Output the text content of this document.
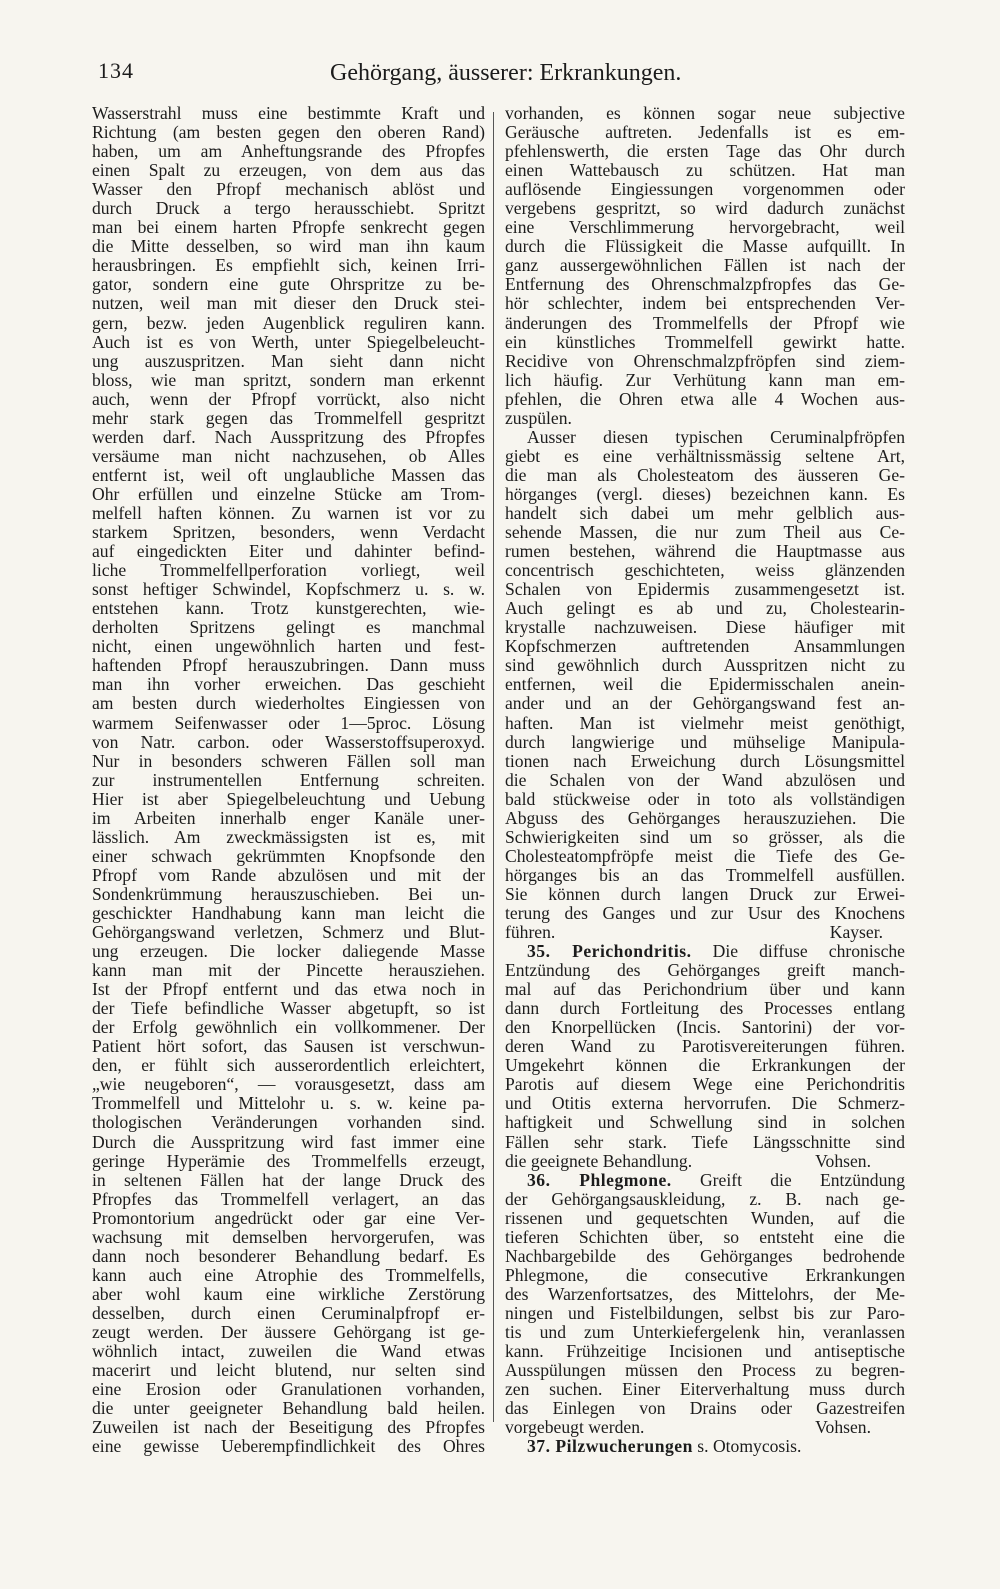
134	Gehörgang, äusserer: Erkrankungen.
Wasserstrahl muss eine bestimmte Kraft und
Richtung (am besten gegen den oberen Rand)
haben, um am Anheftungsrande des Pfropfes
einen Spalt zu erzeugen, von dem aus das
Wasser den Pfropf mechanisch ablöst und
durch Druck a tergo herausschiebt. Spritzt
man bei einem harten Pfropfe senkrecht gegen
die Mitte desselben, so wird man ihn kaum
herausbringen. Es empfiehlt sich, keinen Irri-
gator, sondern eine gute Ohrspritze zu be-
nutzen, weil man mit dieser den Druck stei-
gern, bezw. jeden Augenblick reguliren kann.
Auch ist es von Werth, unter Spiegelbeleucht-
ung auszuspritzen. Man sieht dann nicht
bloss, wie man spritzt, sondern man erkennt
auch, wenn der Pfropf vorrückt, also nicht
mehr stark gegen das Trommelfell gespritzt
werden darf. Nach Ausspritzung des Pfropfes
versäume man nicht nachzusehen, ob Alles
entfernt ist, weil oft unglaubliche Massen das
Ohr erfüllen und einzelne Stücke am Trom-
melfell haften können. Zu warnen ist vor zu
starkem Spritzen, besonders, wenn Verdacht
auf eingedickten Eiter und dahinter befind-
liche Trommelfellperforation vorliegt, weil
sonst heftiger Schwindel, Kopfschmerz u. s. w.
entstehen kann. Trotz kunstgerechten, wie-
derholten Spritzens gelingt es manchmal
nicht, einen ungewöhnlich harten und fest-
haftenden Pfropf herauszubringen. Dann muss
man ihn vorher erweichen. Das geschieht
am besten durch wiederholtes Eingiessen von
warmem Seifenwasser oder 1—5proc. Lösung
von Natr. carbon. oder Wasserstoffsuperoxyd.
Nur in besonders schweren Fällen soll man
zur instrumentellen Entfernung schreiten.
Hier ist aber Spiegelbeleuchtung und Uebung
im Arbeiten innerhalb enger Kanäle uner-
lässlich. Am zweckmässigsten ist es, mit
einer schwach gekrümmten Knopfsonde den
Pfropf vom Rande abzulösen und mit der
Sondenkrümmung herauszuschieben. Bei un-
geschickter Handhabung kann man leicht die
Gehörgangswand verletzen, Schmerz und Blut-
ung erzeugen. Die locker daliegende Masse
kann man mit der Pincette herausziehen.
Ist der Pfropf entfernt und das etwa noch in
der Tiefe befindliche Wasser abgetupft, so ist
der Erfolg gewöhnlich ein vollkommener. Der
Patient hört sofort, das Sausen ist verschwun-
den, er fühlt sich ausserordentlich erleichtert,
„wie neugeboren“, — vorausgesetzt, dass am
Trommelfell und Mittelohr u. s. w. keine pa-
thologischen Veränderungen vorhanden sind.
Durch die Ausspritzung wird fast immer eine
geringe Hyperämie des Trommelfells erzeugt,
in seltenen Fällen hat der lange Druck des
Pfropfes das Trommelfell verlagert, an das
Promontorium angedrückt oder gar eine Ver-
wachsung mit demselben hervorgerufen, was
dann noch besonderer Behandlung bedarf. Es
kann auch eine Atrophie des Trommelfells,
aber wohl kaum eine wirkliche Zerstörung
desselben, durch einen Ceruminalpfropf er-
zeugt werden. Der äussere Gehörgang ist ge-
wöhnlich intact, zuweilen die Wand etwas
macerirt und leicht blutend, nur selten sind
eine Erosion oder Granulationen vorhanden,
die unter geeigneter Behandlung bald heilen.
Zuweilen ist nach der Beseitigung des Pfropfes
eine gewisse Ueberempfindlichkeit des Ohres
vorhanden, es können sogar neue subjective
Geräusche auftreten. Jedenfalls ist es em-
pfehlenswerth, die ersten Tage das Ohr durch
einen Wattebausch zu schützen. Hat man
auflösende Eingiessungen vorgenommen oder
vergebens gespritzt, so wird dadurch zunächst
eine Verschlimmerung hervorgebracht, weil
durch die Flüssigkeit die Masse aufquillt. In
ganz aussergewöhnlichen Fällen ist nach der
Entfernung des Ohrenschmalzpfropfes das Ge-
hör schlechter, indem bei entsprechenden Ver-
änderungen des Trommelfells der Pfropf wie
ein künstliches Trommelfell gewirkt hatte.
Recidive von Ohrenschmalzpfröpfen sind ziem-
lich häufig. Zur Verhütung kann man em-
pfehlen, die Ohren etwa alle 4 Wochen aus-
zuspülen.
Ausser diesen typischen Ceruminalpfröpfen
giebt es eine verhältnissmässig seltene Art,
die man als Cholesteatom des äusseren Ge-
hörganges (vergl. dieses) bezeichnen kann. Es
handelt sich dabei um mehr gelblich aus-
sehende Massen, die nur zum Theil aus Ce-
rumen bestehen, während die Hauptmasse aus
concentrisch geschichteten, weiss glänzenden
Schalen von Epidermis zusammengesetzt ist.
Auch gelingt es ab und zu, Cholestearin-
krystalle nachzuweisen. Diese häufiger mit
Kopfschmerzen auftretenden Ansammlungen
sind gewöhnlich durch Ausspritzen nicht zu
entfernen, weil die Epidermisschalen anein-
ander und an der Gehörgangswand fest an-
haften. Man ist vielmehr meist genöthigt,
durch langwierige und mühselige Manipula-
tionen nach Erweichung durch Lösungsmittel
die Schalen von der Wand abzulösen und
bald stückweise oder in toto als vollständigen
Abguss des Gehörganges herauszuziehen. Die
Schwierigkeiten sind um so grösser, als die
Cholesteatompfröpfe meist die Tiefe des Ge-
hörganges bis an das Trommelfell ausfüllen.
Sie können durch langen Druck zur Erwei-
terung des Ganges und zur Usur des Knochens
führen.	Kayser.
35. Perichondritis. Die diffuse chronische
Entzündung des Gehörganges greift manch-
mal auf das Perichondrium über und kann
dann durch Fortleitung des Processes entlang
den Knorpellücken (Incis. Santorini) der vor-
deren Wand zu Parotisvereiterungen führen.
Umgekehrt können die Erkrankungen der
Parotis auf diesem Wege eine Perichondritis
und Otitis externa hervorrufen. Die Schmerz-
haftigkeit und Schwellung sind in solchen
Fällen sehr stark. Tiefe Längsschnitte sind
die geeignete Behandlung.	Vohsen.
36. Phlegmone. Greift die Entzündung
der Gehörgangsauskleidung, z. B. nach ge-
rissenen und gequetschten Wunden, auf die
tieferen Schichten über, so entsteht eine die
Nachbargebilde des Gehörganges bedrohende
Phlegmone, die consecutive Erkrankungen
des Warzenfortsatzes, des Mittelohrs, der Me-
ningen und Fistelbildungen, selbst bis zur Paro-
tis und zum Unterkiefergelenk hin, veranlassen
kann. Frühzeitige Incisionen und antiseptische
Ausspülungen müssen den Process zu begren-
zen suchen. Einer Eiterverhaltung muss durch
das Einlegen von Drains oder Gazestreifen
vorgebeugt werden.	Vohsen.
37. Pilzwucherungen s. Otomycosis.
